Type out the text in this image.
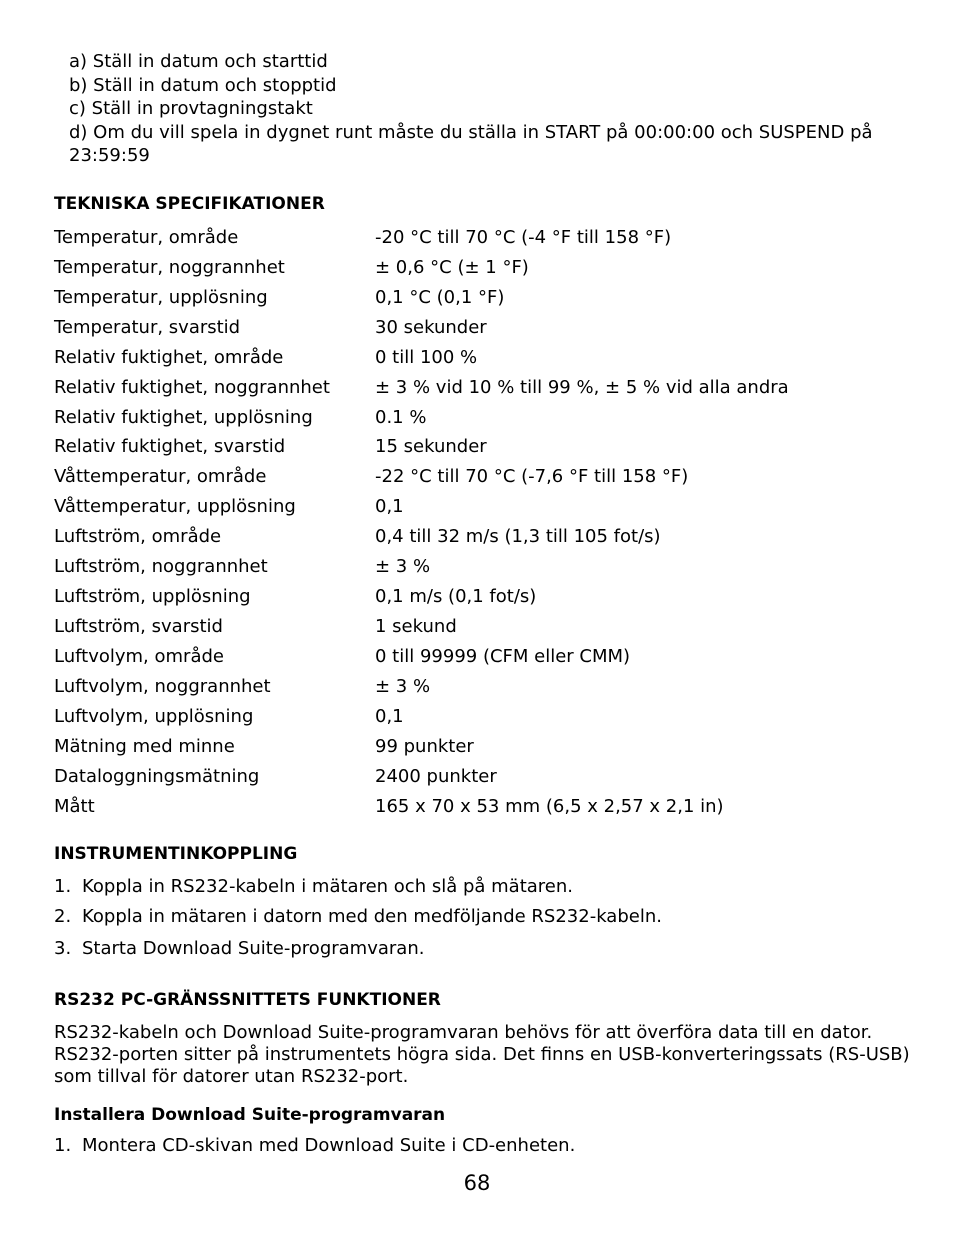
a) Ställ in datum och starttid
b) Ställ in datum och stopptid
c) Ställ in provtagningstakt
d) Om du vill spela in dygnet runt måste du ställa in START på 00:00:00 och SUSPEND på
23:59:59
TEKNISKA SPECIFIKATIONER
Temperatur, område	-20 °C till 70 °C (-4 °F till 158 °F)
Temperatur, noggrannhet	± 0,6 °C (± 1 °F)
Temperatur, upplösning	0,1 °C (0,1 °F)
Temperatur, svarstid	30 sekunder
Relativ fuktighet, område	0 till 100 %
Relativ fuktighet, noggrannhet	± 3 % vid 10 % till 99 %, ± 5 % vid alla andra
Relativ fuktighet, upplösning	0.1 %
Relativ fuktighet, svarstid	15 sekunder
Våttemperatur, område	-22 °C till 70 °C (-7,6 °F till 158 °F)
Våttemperatur, upplösning	0,1
Luftström, område	0,4 till 32 m/s (1,3 till 105 fot/s)
Luftström, noggrannhet	± 3 %
Luftström, upplösning	0,1 m/s (0,1 fot/s)
Luftström, svarstid	1 sekund
Luftvolym, område	0 till 99999 (CFM eller CMM)
Luftvolym, noggrannhet	± 3 %
Luftvolym, upplösning	0,1
Mätning med minne	99 punkter
Dataloggningsmätning	2400 punkter
Mått	165 x 70 x 53 mm (6,5 x 2,57 x 2,1 in)
INSTRUMENTINKOPPLING
1. Koppla in RS232-kabeln i mätaren och slå på mätaren.
2. Koppla in mätaren i datorn med den medföljande RS232-kabeln.
3. Starta Download Suite-programvaran.
RS232 PC-GRÄNSSNITTETS FUNKTIONER
RS232-kabeln och Download Suite-programvaran behövs för att överföra data till en dator.
RS232-porten sitter på instrumentets högra sida. Det finns en USB-konverteringssats (RS-USB)
som tillval för datorer utan RS232-port.
Installera Download Suite-programvaran
1. Montera CD-skivan med Download Suite i CD-enheten.
68
